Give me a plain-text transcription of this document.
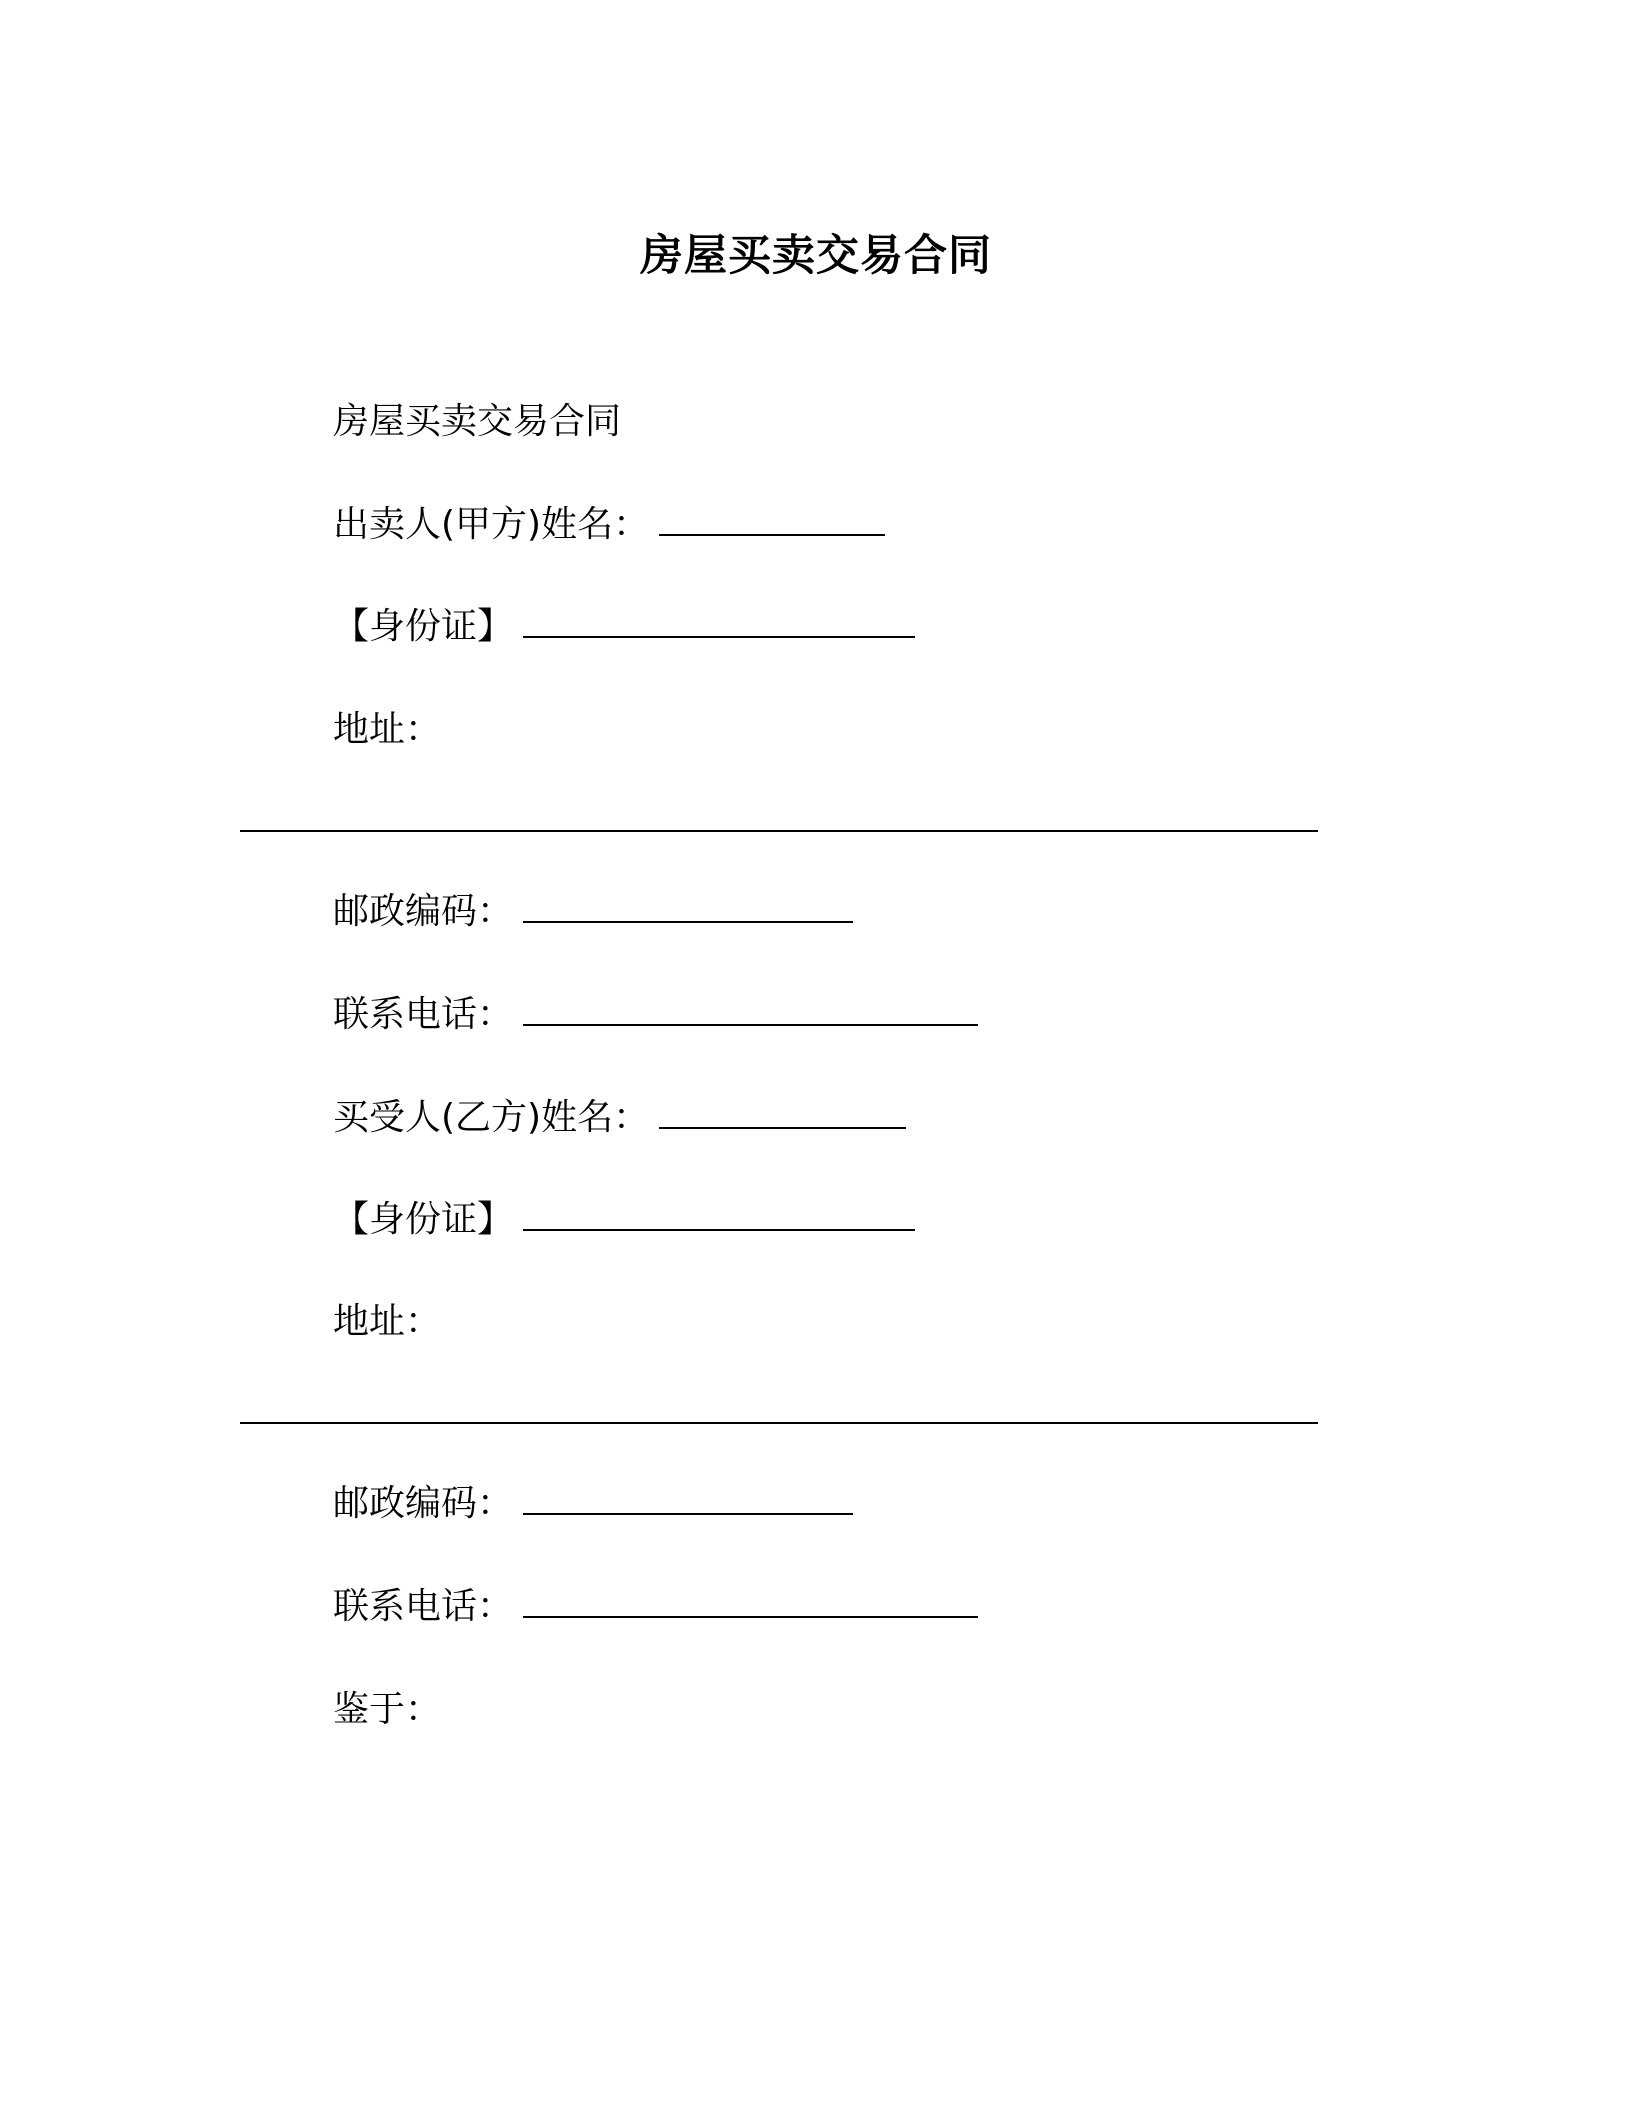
房屋买卖交易合同
房屋买卖交易合同
出卖人(甲方)姓名：
【身份证】
地址：
邮政编码：
联系电话：
买受人(乙方)姓名：
【身份证】
地址：
邮政编码：
联系电话：
鉴于：
